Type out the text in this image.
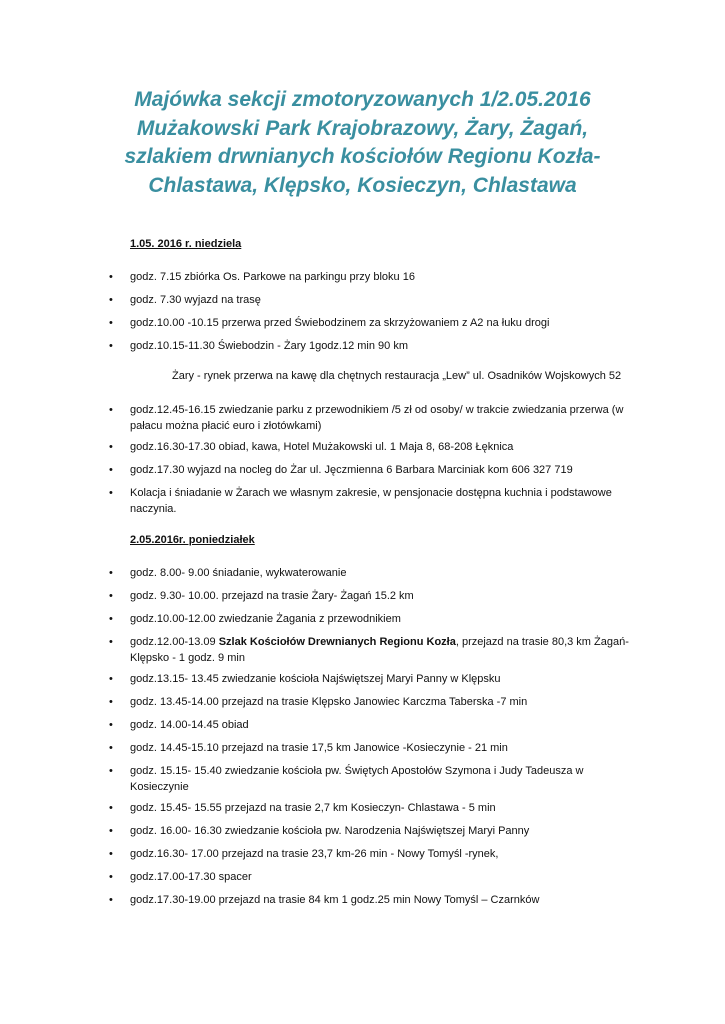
Majówka sekcji zmotoryzowanych 1/2.05.2016
Mużakowski Park Krajobrazowy, Żary, Żagań,
szlakiem drwnianych kościołów Regionu Kozła-
Chlastawa, Klępsko, Kosieczyn, Chlastawa

1.05. 2016 r. niedziela

•
godz. 7.15 zbiórka Os. Parkowe na parkingu przy bloku 16
•
godz. 7.30 wyjazd na trasę
•
godz.10.00 -10.15 przerwa przed Świebodzinem za skrzyżowaniem z A2 na łuku drogi
•
godz.10.15-11.30 Świebodzin - Żary 1godz.12 min 90 km

Żary - rynek przerwa na kawę dla chętnych restauracja „Lew” ul. Osadników Wojskowych 52

•
godz.12.45-16.15 zwiedzanie parku z przewodnikiem /5 zł od osoby/ w trakcie zwiedzania przerwa (w pałacu można płacić euro i złotówkami)
•
godz.16.30-17.30 obiad, kawa, Hotel Mużakowski ul. 1 Maja 8, 68-208 Łęknica
•
godz.17.30 wyjazd na nocleg do Żar ul. Jęczmienna 6 Barbara Marciniak kom 606 327 719
•
Kolacja i śniadanie w Żarach we własnym zakresie, w pensjonacie dostępna kuchnia i podstawowe naczynia.

2.05.2016r. poniedziałek

•
godz. 8.00- 9.00 śniadanie, wykwaterowanie
•
godz. 9.30- 10.00. przejazd na trasie Żary- Żagań 15.2 km
•
godz.10.00-12.00 zwiedzanie Żagania z przewodnikiem
•
godz.12.00-13.09 Szlak Kościołów Drewnianych Regionu Kozła, przejazd na trasie 80,3 km Żagań-Klępsko - 1 godz. 9 min
•
godz.13.15- 13.45 zwiedzanie kościoła Najświętszej Maryi Panny w Klępsku
•
godz. 13.45-14.00 przejazd na trasie Klępsko Janowiec Karczma Taberska -7 min
•
godz. 14.00-14.45 obiad
•
godz. 14.45-15.10 przejazd na trasie 17,5 km Janowice -Kosieczynie - 21 min
•
godz. 15.15- 15.40 zwiedzanie kościoła pw. Świętych Apostołów Szymona i Judy Tadeusza w Kosieczynie
•
godz. 15.45- 15.55 przejazd na trasie 2,7 km Kosieczyn- Chlastawa - 5 min
•
godz. 16.00- 16.30 zwiedzanie kościoła pw. Narodzenia Najświętszej Maryi Panny
•
godz.16.30- 17.00 przejazd na trasie 23,7 km-26 min - Nowy Tomyśl -rynek,
•
godz.17.00-17.30 spacer
•
godz.17.30-19.00 przejazd na trasie 84 km 1 godz.25 min Nowy Tomyśl – Czarnków
